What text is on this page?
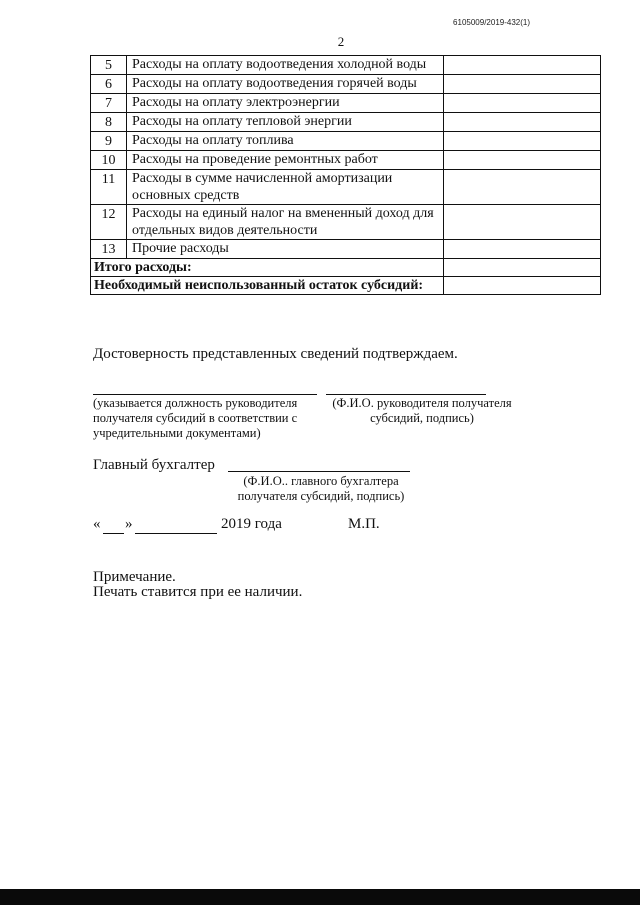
6105009/2019-432(1)
2
5	Расходы на оплату водоотведения холодной воды	
6	Расходы на оплату водоотведения горячей воды	
7	Расходы на оплату электроэнергии	
8	Расходы на оплату тепловой энергии	
9	Расходы на оплату топлива	
10	Расходы на проведение ремонтных работ	
11	Расходы в сумме начисленной амортизации основных средств	
12	Расходы на единый налог на вмененный доход для отдельных видов деятельности	
13	Прочие расходы	
Итого расходы:		
Необходимый неиспользованный остаток субсидий:		
Достоверность представленных сведений подтверждаем.
(указывается должность руководителя получателя субсидий в соответствии с учредительными документами)
(Ф.И.О. руководителя получателя субсидий, подпись)
Главный бухгалтер
(Ф.И.О.. главного бухгалтера получателя субсидий, подпись)
« »	2019 года	М.П.
Примечание.
Печать ставится при ее наличии.
